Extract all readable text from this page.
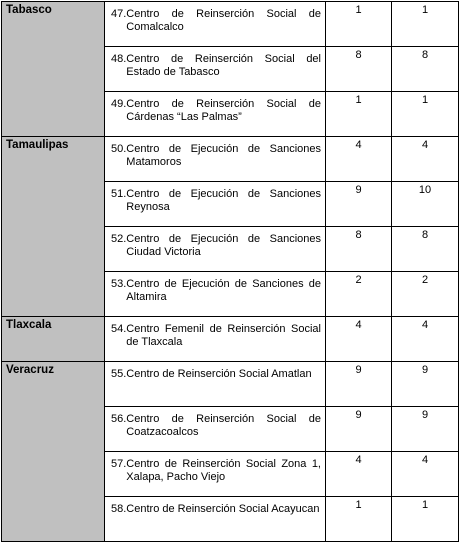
Tabasco	47. Centro de Reinserción Social de Comalcalco	1	1

	48. Centro de Reinserción Social del Estado de Tabasco	8	8

	49. Centro de Reinserción Social de Cárdenas “Las Palmas”	1	1
Tamaulipas	50. Centro de Ejecución de Sanciones Matamoros	4	4

	51. Centro de Ejecución de Sanciones Reynosa	9	10

	52. Centro de Ejecución de Sanciones Ciudad Victoria	8	8

	53. Centro de Ejecución de Sanciones de Altamira	2	2
Tlaxcala	54. Centro Femenil de Reinserción Social de Tlaxcala	4	4
Veracruz	55. Centro de Reinserción Social Amatlan	9	9

	56. Centro de Reinserción Social de Coatzacoalcos	9	9

	57. Centro de Reinserción Social Zona 1, Xalapa, Pacho Viejo	4	4

	58. Centro de Reinserción Social Acayucan	1	1
